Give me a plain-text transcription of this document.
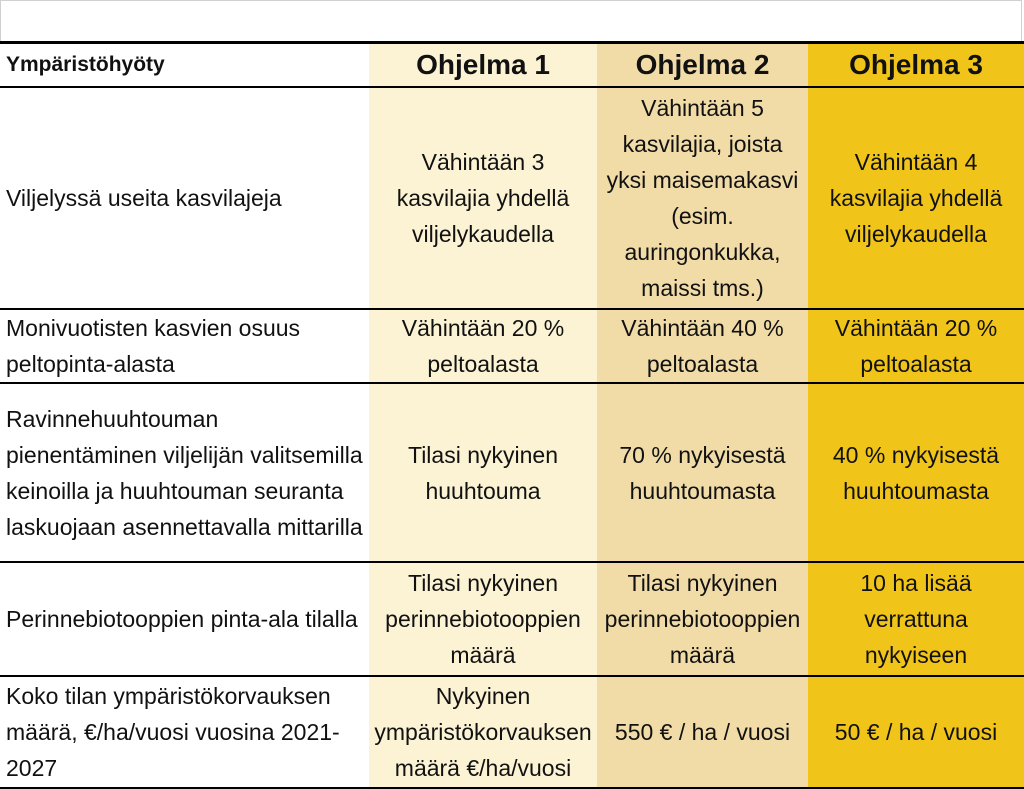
Ympäristöhyöty	Ohjelma 1	Ohjelma 2	Ohjelma 3
Viljelyssä useita kasvilajeja	Vähintään 3 kasvilajia yhdellä viljelykaudella	Vähintään 5 kasvilajia, joista yksi maisemakasvi (esim. auringonkukka, maissi tms.)	Vähintään 4 kasvilajia yhdellä viljelykaudella
Monivuotisten kasvien osuus peltopinta-alasta	Vähintään 20 % peltoalasta	Vähintään 40 % peltoalasta	Vähintään 20 % peltoalasta
Ravinnehuuhtouman pienentäminen viljelijän valitsemilla keinoilla ja huuhtouman seuranta laskuojaan asennettavalla mittarilla	Tilasi nykyinen huuhtouma	70 % nykyisestä huuhtoumasta	40 % nykyisestä huuhtoumasta
Perinnebiotooppien pinta-ala tilalla	Tilasi nykyinen perinnebiotooppien määrä	Tilasi nykyinen perinnebiotooppien määrä	10 ha lisää verrattuna nykyiseen
Koko tilan ympäristökorvauksen määrä, €/ha/vuosi vuosina 2021-2027	Nykyinen ympäristökorvauksen määrä €/ha/vuosi	550 € / ha / vuosi	50 € / ha / vuosi
